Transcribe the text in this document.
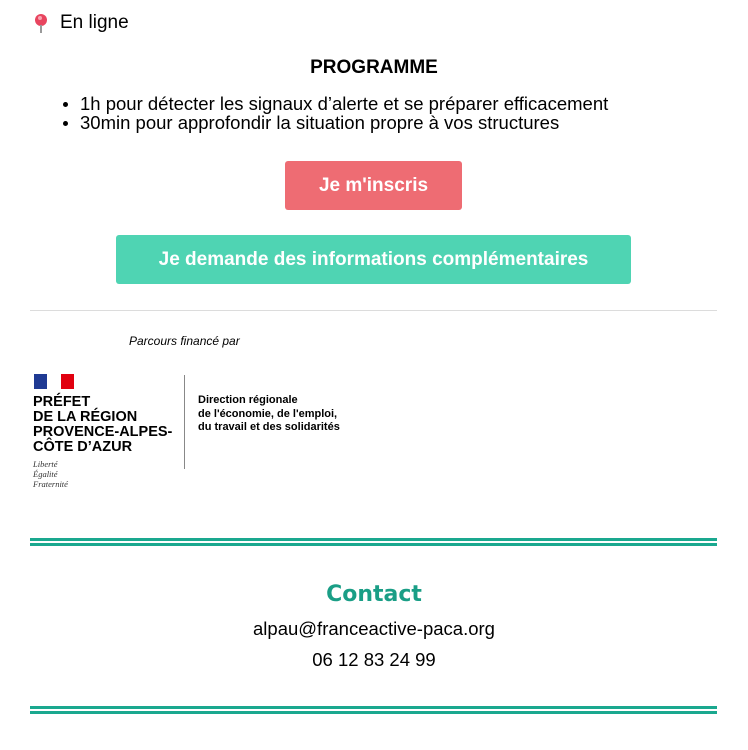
En ligne
PROGRAMME
1h pour détecter les signaux d’alerte et se préparer efficacement
30min pour approfondir la situation propre à vos structures
Je m'inscris
Je demande des informations complémentaires
Parcours financé par
PRÉFET
DE LA RÉGION
PROVENCE-ALPES-
CÔTE D’AZUR
Liberté
Égalité
Fraternité
Direction régionale
de l'économie, de l'emploi,
du travail et des solidarités
Contact
alpau@franceactive-paca.org
06 12 83 24 99
